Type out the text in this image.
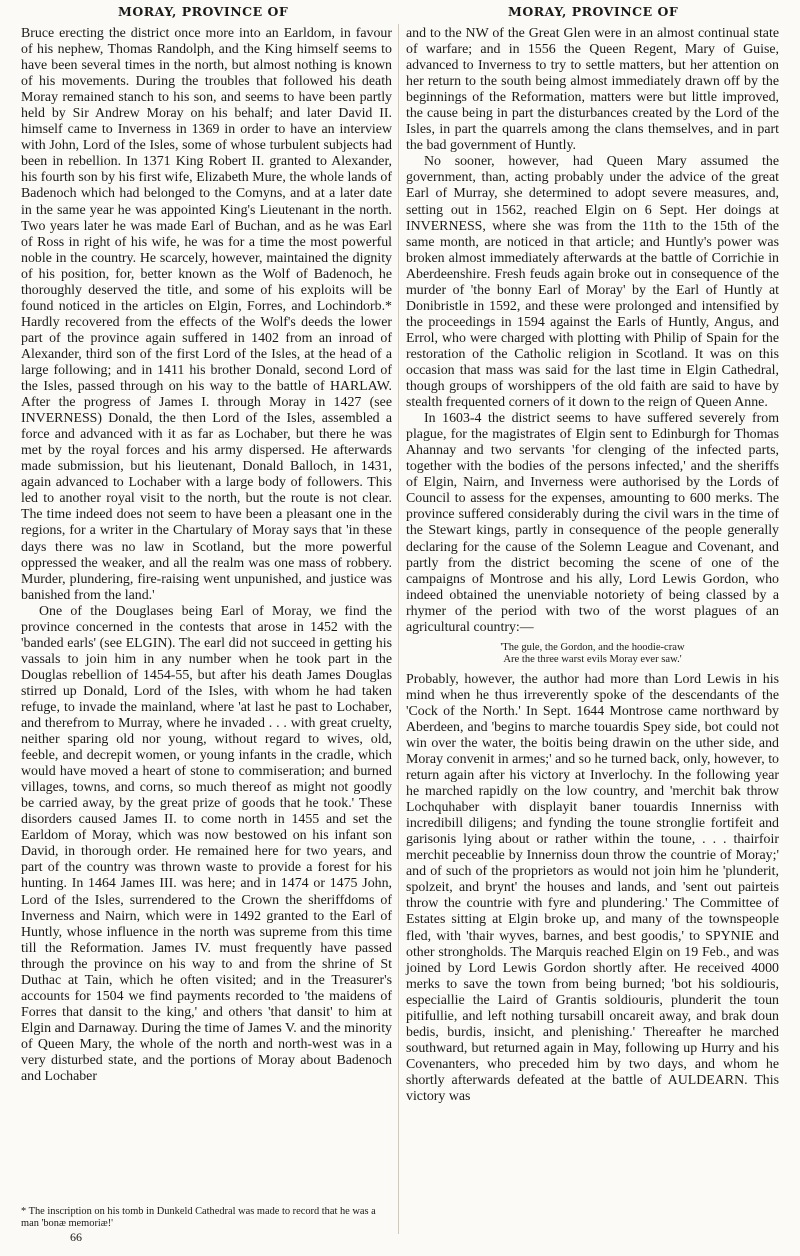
MORAY, PROVINCE OF	MORAY, PROVINCE OF

Bruce erecting the district once more into an Earldom, in favour of his nephew, Thomas Randolph, and the King himself seems to have been several times in the north, but almost nothing is known of his movements. During the troubles that followed his death Moray remained stanch to his son, and seems to have been partly held by Sir Andrew Moray on his behalf; and later David II. himself came to Inverness in 1369 in order to have an interview with John, Lord of the Isles, some of whose turbulent subjects had been in rebellion. In 1371 King Robert II. granted to Alexander, his fourth son by his first wife, Elizabeth Mure, the whole lands of Badenoch which had belonged to the Comyns, and at a later date in the same year he was appointed King's Lieutenant in the north. Two years later he was made Earl of Buchan, and as he was Earl of Ross in right of his wife, he was for a time the most powerful noble in the country. He scarcely, however, maintained the dignity of his position, for, better known as the Wolf of Badenoch, he thoroughly deserved the title, and some of his exploits will be found noticed in the articles on Elgin, Forres, and Lochindorb.* Hardly recovered from the effects of the Wolf's deeds the lower part of the province again suffered in 1402 from an inroad of Alexander, third son of the first Lord of the Isles, at the head of a large following; and in 1411 his brother Donald, second Lord of the Isles, passed through on his way to the battle of HARLAW. After the progress of James I. through Moray in 1427 (see INVERNESS) Donald, the then Lord of the Isles, assembled a force and advanced with it as far as Lochaber, but there he was met by the royal forces and his army dispersed. He afterwards made submission, but his lieutenant, Donald Balloch, in 1431, again advanced to Lochaber with a large body of followers. This led to another royal visit to the north, but the route is not clear. The time indeed does not seem to have been a pleasant one in the regions, for a writer in the Chartulary of Moray says that 'in these days there was no law in Scotland, but the more powerful oppressed the weaker, and all the realm was one mass of robbery. Murder, plundering, fire-raising went unpunished, and justice was banished from the land.'

One of the Douglases being Earl of Moray, we find the province concerned in the contests that arose in 1452 with the 'banded earls' (see ELGIN). The earl did not succeed in getting his vassals to join him in any number when he took part in the Douglas rebellion of 1454-55, but after his death James Douglas stirred up Donald, Lord of the Isles, with whom he had taken refuge, to invade the mainland, where 'at last he past to Lochaber, and therefrom to Murray, where he invaded . . . with great cruelty, neither sparing old nor young, without regard to wives, old, feeble, and decrepit women, or young infants in the cradle, which would have moved a heart of stone to commiseration; and burned villages, towns, and corns, so much thereof as might not goodly be carried away, by the great prize of goods that he took.' These disorders caused James II. to come north in 1455 and set the Earldom of Moray, which was now bestowed on his infant son David, in thorough order. He remained here for two years, and part of the country was thrown waste to provide a forest for his hunting. In 1464 James III. was here; and in 1474 or 1475 John, Lord of the Isles, surrendered to the Crown the sheriffdoms of Inverness and Nairn, which were in 1492 granted to the Earl of Huntly, whose influence in the north was supreme from this time till the Reformation. James IV. must frequently have passed through the province on his way to and from the shrine of St Duthac at Tain, which he often visited; and in the Treasurer's accounts for 1504 we find payments recorded to 'the maidens of Forres that dansit to the king,' and others 'that dansit' to him at Elgin and Darnaway. During the time of James V. and the minority of Queen Mary, the whole of the north and north-west was in a very disturbed state, and the portions of Moray about Badenoch and Lochaber

and to the NW of the Great Glen were in an almost continual state of warfare; and in 1556 the Queen Regent, Mary of Guise, advanced to Inverness to try to settle matters, but her attention on her return to the south being almost immediately drawn off by the beginnings of the Reformation, matters were but little improved, the cause being in part the disturbances created by the Lord of the Isles, in part the quarrels among the clans themselves, and in part the bad government of Huntly.

No sooner, however, had Queen Mary assumed the government, than, acting probably under the advice of the great Earl of Murray, she determined to adopt severe measures, and, setting out in 1562, reached Elgin on 6 Sept. Her doings at INVERNESS, where she was from the 11th to the 15th of the same month, are noticed in that article; and Huntly's power was broken almost immediately afterwards at the battle of Corrichie in Aberdeenshire. Fresh feuds again broke out in consequence of the murder of 'the bonny Earl of Moray' by the Earl of Huntly at Donibristle in 1592, and these were prolonged and intensified by the proceedings in 1594 against the Earls of Huntly, Angus, and Errol, who were charged with plotting with Philip of Spain for the restoration of the Catholic religion in Scotland. It was on this occasion that mass was said for the last time in Elgin Cathedral, though groups of worshippers of the old faith are said to have by stealth frequented corners of it down to the reign of Queen Anne.

In 1603-4 the district seems to have suffered severely from plague, for the magistrates of Elgin sent to Edinburgh for Thomas Ahannay and two servants 'for clenging of the infected parts, together with the bodies of the persons infected,' and the sheriffs of Elgin, Nairn, and Inverness were authorised by the Lords of Council to assess for the expenses, amounting to 600 merks. The province suffered considerably during the civil wars in the time of the Stewart kings, partly in consequence of the people generally declaring for the cause of the Solemn League and Covenant, and partly from the district becoming the scene of one of the campaigns of Montrose and his ally, Lord Lewis Gordon, who indeed obtained the unenviable notoriety of being classed by a rhymer of the period with two of the worst plagues of an agricultural country:—

'The gule, the Gordon, and the hoodie-craw
Are the three warst evils Moray ever saw.'

Probably, however, the author had more than Lord Lewis in his mind when he thus irreverently spoke of the descendants of the 'Cock of the North.' In Sept. 1644 Montrose came northward by Aberdeen, and 'begins to marche touardis Spey side, bot could not win over the water, the boitis being drawin on the uther side, and Moray convenit in armes;' and so he turned back, only, however, to return again after his victory at Inverlochy. In the following year he marched rapidly on the low country, and 'merchit bak throw Lochquhaber with displayit baner touardis Innerniss with incredibill diligens; and fynding the toune stronglie fortifeit and garisonis lying about or rather within the toune, . . . thairfoir merchit peceablie by Innerniss doun throw the countrie of Moray;' and of such of the proprietors as would not join him he 'plunderit, spolzeit, and brynt' the houses and lands, and 'sent out pairteis throw the countrie with fyre and plundering.' The Committee of Estates sitting at Elgin broke up, and many of the townspeople fled, with 'thair wyves, barnes, and best goodis,' to SPYNIE and other strongholds. The Marquis reached Elgin on 19 Feb., and was joined by Lord Lewis Gordon shortly after. He received 4000 merks to save the town from being burned; 'bot his soldiouris, especiallie the Laird of Grantis soldiouris, plunderit the toun pitifullie, and left nothing tursabill oncareit away, and brak doun bedis, burdis, insicht, and plenishing.' Thereafter he marched southward, but returned again in May, following up Hurry and his Covenanters, who preceded him by two days, and whom he shortly afterwards defeated at the battle of AULDEARN. This victory was

* The inscription on his tomb in Dunkeld Cathedral was made to record that he was a man 'bonæ memoriæ!'
66
